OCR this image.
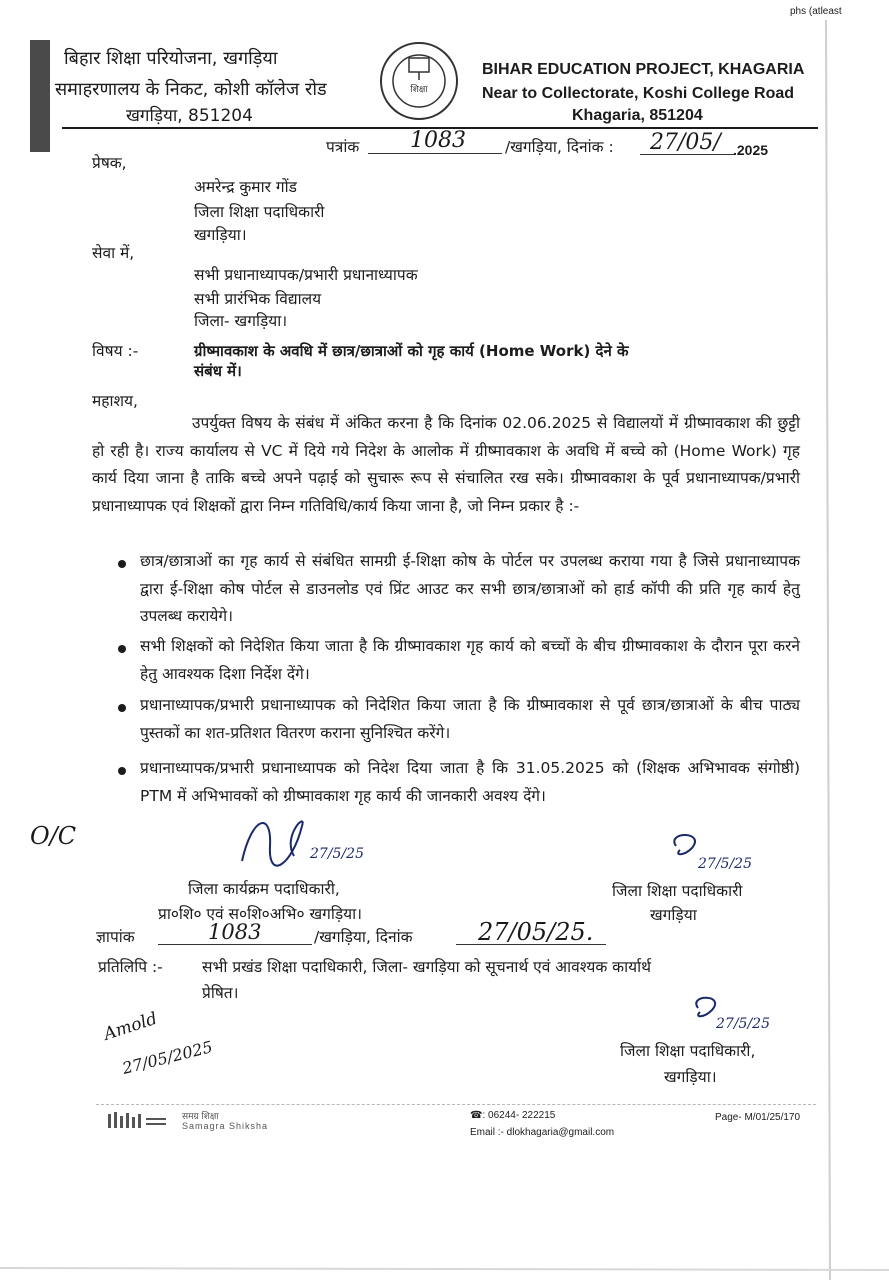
phs (atleast
बिहार शिक्षा परियोजना, खगड़िया
समाहरणालय के निकट, कोशी कॉलेज रोड
खगड़िया, 851204
शिक्षा
BIHAR EDUCATION PROJECT, KHAGARIA
Near to Collectorate, Koshi College Road
Khagaria, 851204
पत्रांक 1083	/खगड़िया, दिनांक : 27/05/ .2025
प्रेषक,
अमरेन्द्र कुमार गोंड
जिला शिक्षा पदाधिकारी
खगड़िया।
सेवा में,
सभी प्रधानाध्यापक/प्रभारी प्रधानाध्यापक
सभी प्रारंभिक विद्यालय
जिला- खगड़िया।
विषय :-	ग्रीष्मावकाश के अवधि में छात्र/छात्राओं को गृह कार्य (Home Work) देने के
संबंध में।
महाशय,
उपर्युक्त विषय के संबंध में अंकित करना है कि दिनांक 02.06.2025 से विद्यालयों में ग्रीष्मावकाश की छुट्टी हो रही है। राज्य कार्यालय से VC में दिये गये निदेश के आलोक में ग्रीष्मावकाश के अवधि में बच्चे को (Home Work) गृह कार्य दिया जाना है ताकि बच्चे अपने पढ़ाई को सुचारू रूप से संचालित रख सके। ग्रीष्मावकाश के पूर्व प्रधानाध्यापक/प्रभारी प्रधानाध्यापक एवं शिक्षकों द्वारा निम्न गतिविधि/कार्य किया जाना है, जो निम्न प्रकार है :-
छात्र/छात्राओं का गृह कार्य से संबंधित सामग्री ई-शिक्षा कोष के पोर्टल पर उपलब्ध कराया गया है जिसे प्रधानाध्यापक द्वारा ई-शिक्षा कोष पोर्टल से डाउनलोड एवं प्रिंट आउट कर सभी छात्र/छात्राओं को हार्ड कॉपी की प्रति गृह कार्य हेतु उपलब्ध करायेगे।
सभी शिक्षकों को निदेशित किया जाता है कि ग्रीष्मावकाश गृह कार्य को बच्चों के बीच ग्रीष्मावकाश के दौरान पूरा करने हेतु आवश्यक दिशा निर्देश देंगे।
प्रधानाध्यापक/प्रभारी प्रधानाध्यापक को निदेशित किया जाता है कि ग्रीष्मावकाश से पूर्व छात्र/छात्राओं के बीच पाठ्य पुस्तकों का शत-प्रतिशत वितरण कराना सुनिश्चित करेंगे।
प्रधानाध्यापक/प्रभारी प्रधानाध्यापक को निदेश दिया जाता है कि 31.05.2025 को (शिक्षक अभिभावक संगोष्ठी) PTM में अभिभावकों को ग्रीष्मावकाश गृह कार्य की जानकारी अवश्य देंगे।
O/C
27/5/25
जिला कार्यक्रम पदाधिकारी,
प्रा०शि० एवं स०शि०अभि० खगड़िया।
27/5/25
जिला शिक्षा पदाधिकारी
खगड़िया
ज्ञापांक	1083	/खगड़िया, दिनांक	27/05/25.
प्रतिलिपि :-	सभी प्रखंड शिक्षा पदाधिकारी, जिला- खगड़िया को सूचनार्थ एवं आवश्यक कार्यार्थ
प्रेषित।
Amold
27/05/2025
27/5/25
जिला शिक्षा पदाधिकारी,
खगड़िया।
समग्र शिक्षा
Samagra Shiksha
☎: 06244- 222215
Email :- dlokhagaria@gmail.com
Page- M/01/25/170
